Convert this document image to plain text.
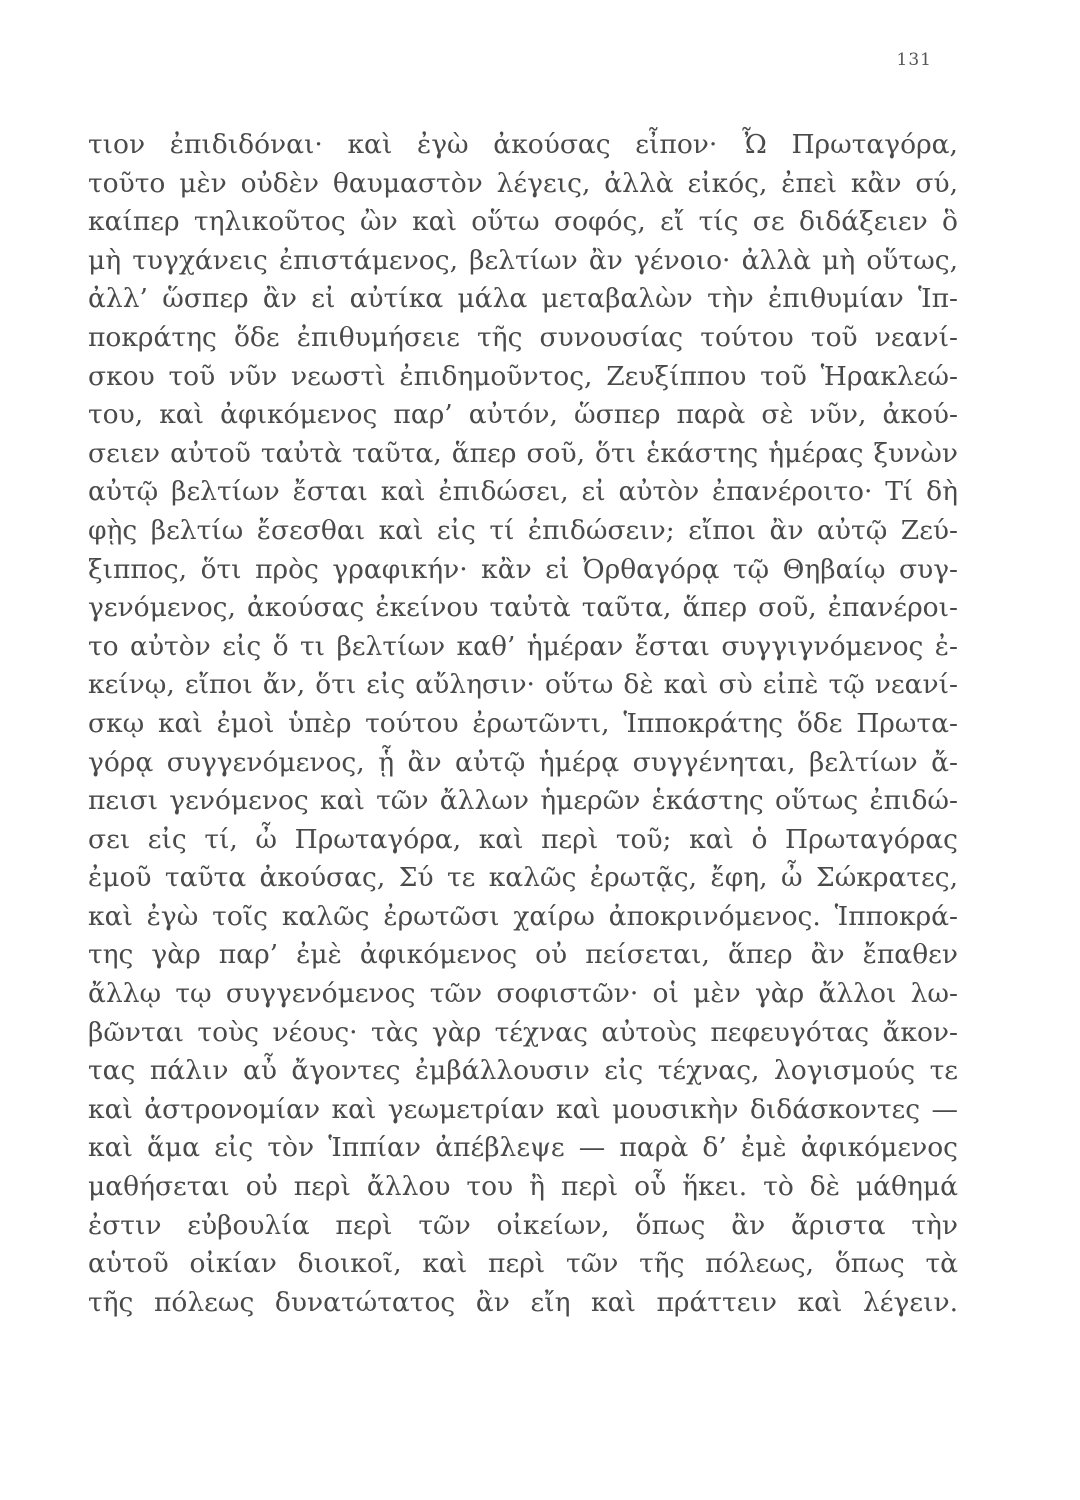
131
τιον ἐπιδιδόναι· καὶ ἐγὼ ἀκούσας εἶπον· Ὦ Πρωταγόρα,
τοῦτο μὲν οὐδὲν θαυμαστὸν λέγεις, ἀλλὰ εἰκός, ἐπεὶ κἂν σύ,
καίπερ τηλικοῦτος ὢν καὶ οὕτω σοφός, εἴ τίς σε διδάξειεν ὃ
μὴ τυγχάνεις ἐπιστάμενος, βελτίων ἂν γένοιο· ἀλλὰ μὴ οὕτως,
ἀλλ’ ὥσπερ ἂν εἰ αὐτίκα μάλα μεταβαλὼν τὴν ἐπιθυμίαν Ἱπ-
ποκράτης ὅδε ἐπιθυμήσειε τῆς συνουσίας τούτου τοῦ νεανί-
σκου τοῦ νῦν νεωστὶ ἐπιδημοῦντος, Ζευξίππου τοῦ Ἡρακλεώ-
του, καὶ ἀφικόμενος παρ’ αὐτόν, ὥσπερ παρὰ σὲ νῦν, ἀκού-
σειεν αὐτοῦ ταὐτὰ ταῦτα, ἅπερ σοῦ, ὅτι ἑκάστης ἡμέρας ξυνὼν
αὐτῷ βελτίων ἔσται καὶ ἐπιδώσει, εἰ αὐτὸν ἐπανέροιτο· Τί δὴ
φῂς βελτίω ἔσεσθαι καὶ εἰς τί ἐπιδώσειν; εἴποι ἂν αὐτῷ Ζεύ-
ξιππος, ὅτι πρὸς γραφικήν· κἂν εἰ Ὀρθαγόρᾳ τῷ Θηβαίῳ συγ-
γενόμενος, ἀκούσας ἐκείνου ταὐτὰ ταῦτα, ἅπερ σοῦ, ἐπανέροι-
το αὐτὸν εἰς ὅ τι βελτίων καθ’ ἡμέραν ἔσται συγγιγνόμενος ἐ-
κείνῳ, εἴποι ἄν, ὅτι εἰς αὔλησιν· οὕτω δὲ καὶ σὺ εἰπὲ τῷ νεανί-
σκῳ καὶ ἐμοὶ ὑπὲρ τούτου ἐρωτῶντι, Ἱπποκράτης ὅδε Πρωτα-
γόρᾳ συγγενόμενος, ᾗ ἂν αὐτῷ ἡμέρᾳ συγγένηται, βελτίων ἄ-
πεισι γενόμενος καὶ τῶν ἄλλων ἡμερῶν ἑκάστης οὕτως ἐπιδώ-
σει εἰς τί, ὦ Πρωταγόρα, καὶ περὶ τοῦ; καὶ ὁ Πρωταγόρας
ἐμοῦ ταῦτα ἀκούσας, Σύ τε καλῶς ἐρωτᾷς, ἔφη, ὦ Σώκρατες,
καὶ ἐγὼ τοῖς καλῶς ἐρωτῶσι χαίρω ἀποκρινόμενος. Ἱπποκρά-
της γὰρ παρ’ ἐμὲ ἀφικόμενος οὐ πείσεται, ἅπερ ἂν ἔπαθεν
ἄλλῳ τῳ συγγενόμενος τῶν σοφιστῶν· οἱ μὲν γὰρ ἄλλοι λω-
βῶνται τοὺς νέους· τὰς γὰρ τέχνας αὐτοὺς πεφευγότας ἄκον-
τας πάλιν αὖ ἄγοντες ἐμβάλλουσιν εἰς τέχνας, λογισμούς τε
καὶ ἀστρονομίαν καὶ γεωμετρίαν καὶ μουσικὴν διδάσκοντες —
καὶ ἅμα εἰς τὸν Ἱππίαν ἀπέβλεψε — παρὰ δ’ ἐμὲ ἀφικόμενος
μαθήσεται οὐ περὶ ἄλλου του ἢ περὶ οὗ ἥκει. τὸ δὲ μάθημά
ἐστιν εὐβουλία περὶ τῶν οἰκείων, ὅπως ἂν ἄριστα τὴν
αὑτοῦ οἰκίαν διοικοῖ, καὶ περὶ τῶν τῆς πόλεως, ὅπως τὰ
τῆς πόλεως δυνατώτατος ἂν εἴη καὶ πράττειν καὶ λέγειν.
